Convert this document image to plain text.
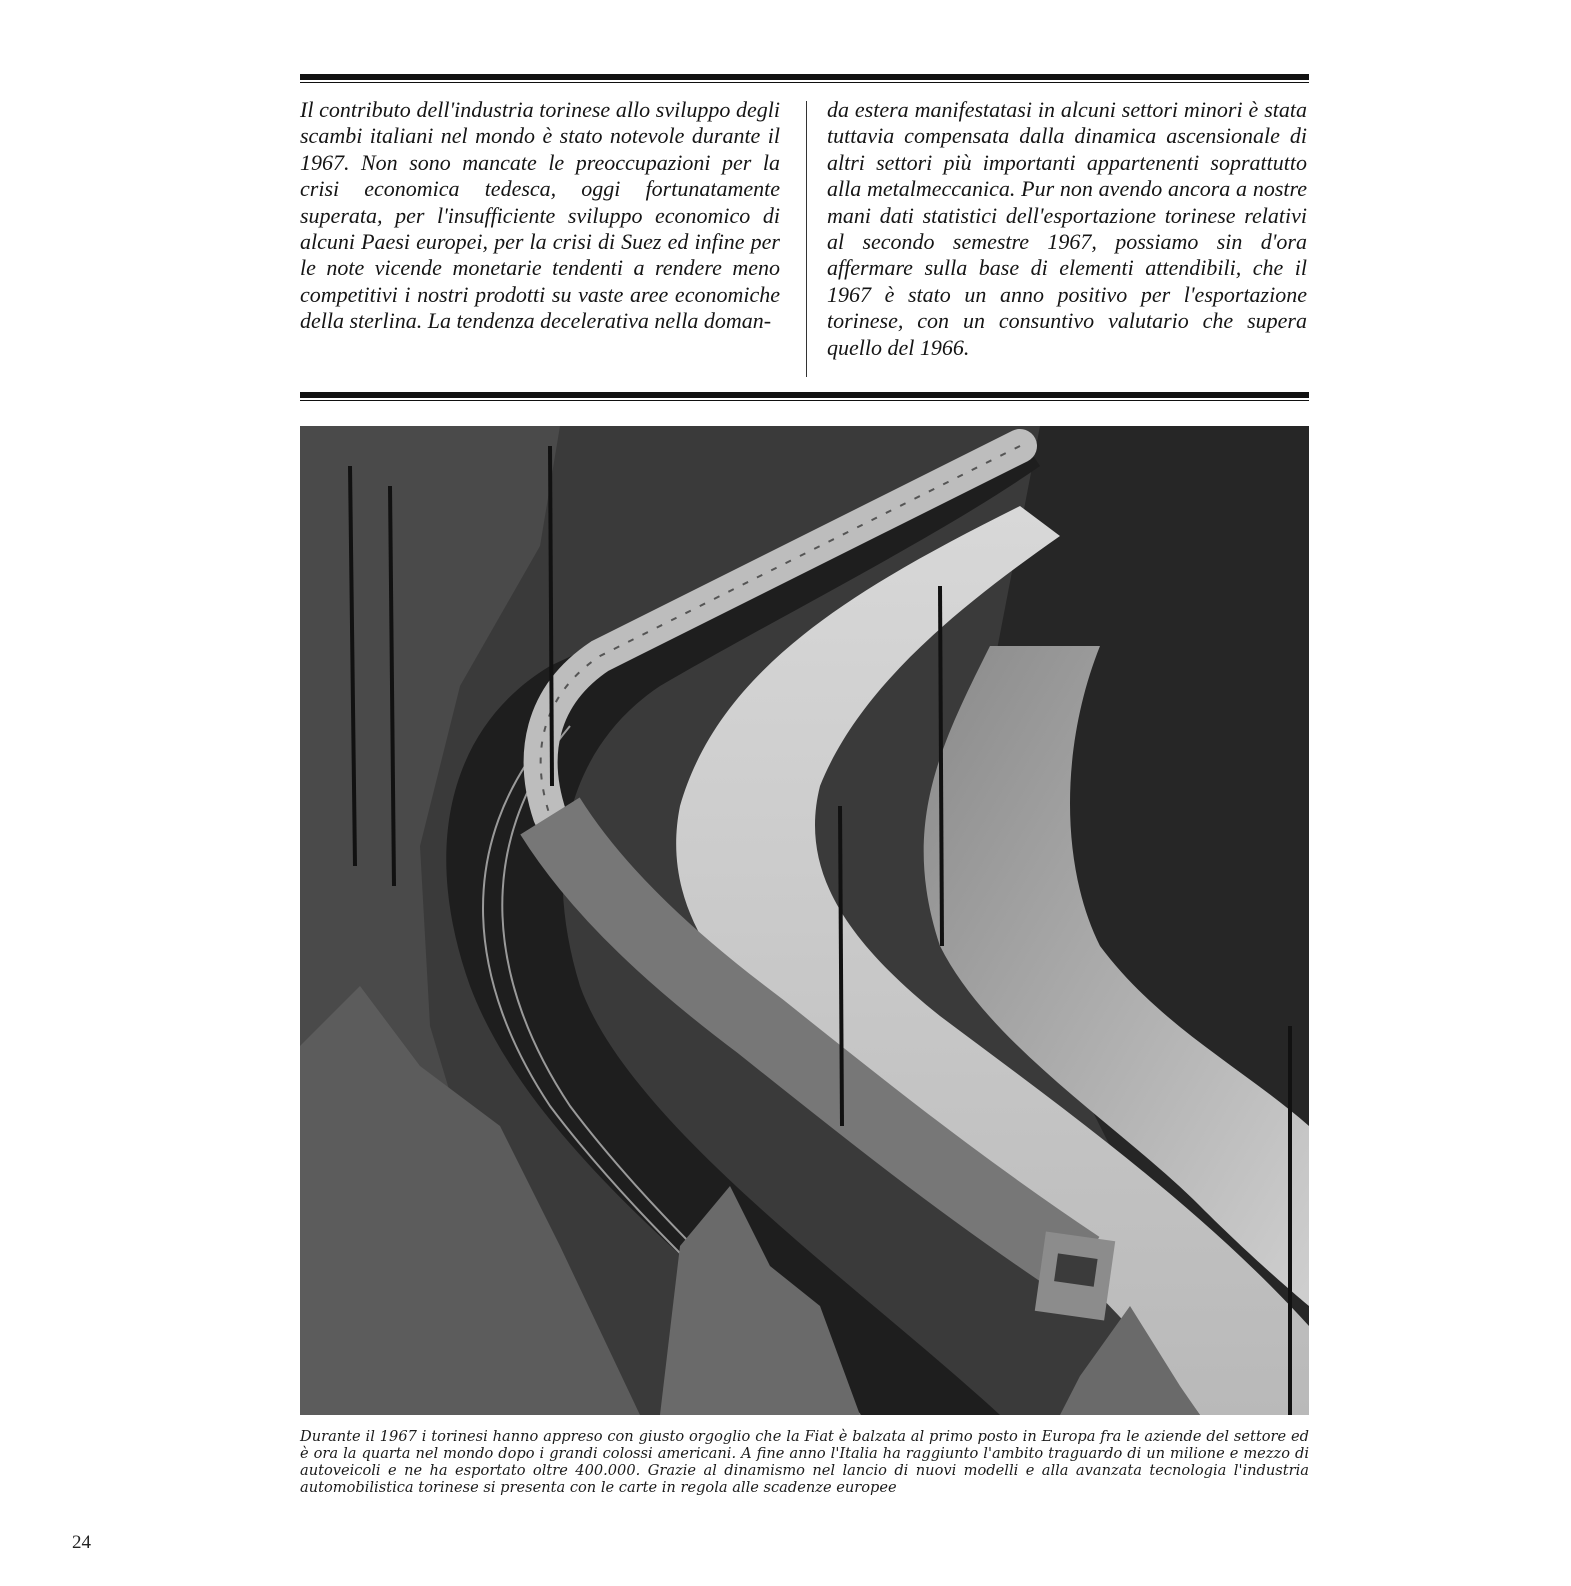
Il contributo dell'industria torinese allo sviluppo degli scambi italiani nel mondo è stato notevole durante il 1967. Non sono mancate le preoccupazioni per la crisi economica tedesca, oggi fortunatamente superata, per l'insufficiente sviluppo economico di alcuni Paesi europei, per la crisi di Suez ed infine per le note vicende monetarie tendenti a rendere meno competitivi i nostri prodotti su vaste aree economiche della sterlina. La tendenza decelerativa nella doman-
da estera manifestatasi in alcuni settori minori è stata tuttavia compensata dalla dinamica ascensionale di altri settori più importanti appartenenti soprattutto alla metalmeccanica. Pur non avendo ancora a nostre mani dati statistici dell'esportazione torinese relativi al secondo semestre 1967, possiamo sin d'ora affermare sulla base di elementi attendibili, che il 1967 è stato un anno positivo per l'esportazione torinese, con un consuntivo valutario che supera quello del 1966.
Durante il 1967 i torinesi hanno appreso con giusto orgoglio che la Fiat è balzata al primo posto in Europa fra le aziende del settore ed è ora la quarta nel mondo dopo i grandi colossi americani. A fine anno l'Italia ha raggiunto l'ambito traguardo di un milione e mezzo di autoveicoli e ne ha esportato oltre 400.000. Grazie al dinamismo nel lancio di nuovi modelli e alla avanzata tecnologia l'industria automobilistica torinese si presenta con le carte in regola alle scadenze europee
24
